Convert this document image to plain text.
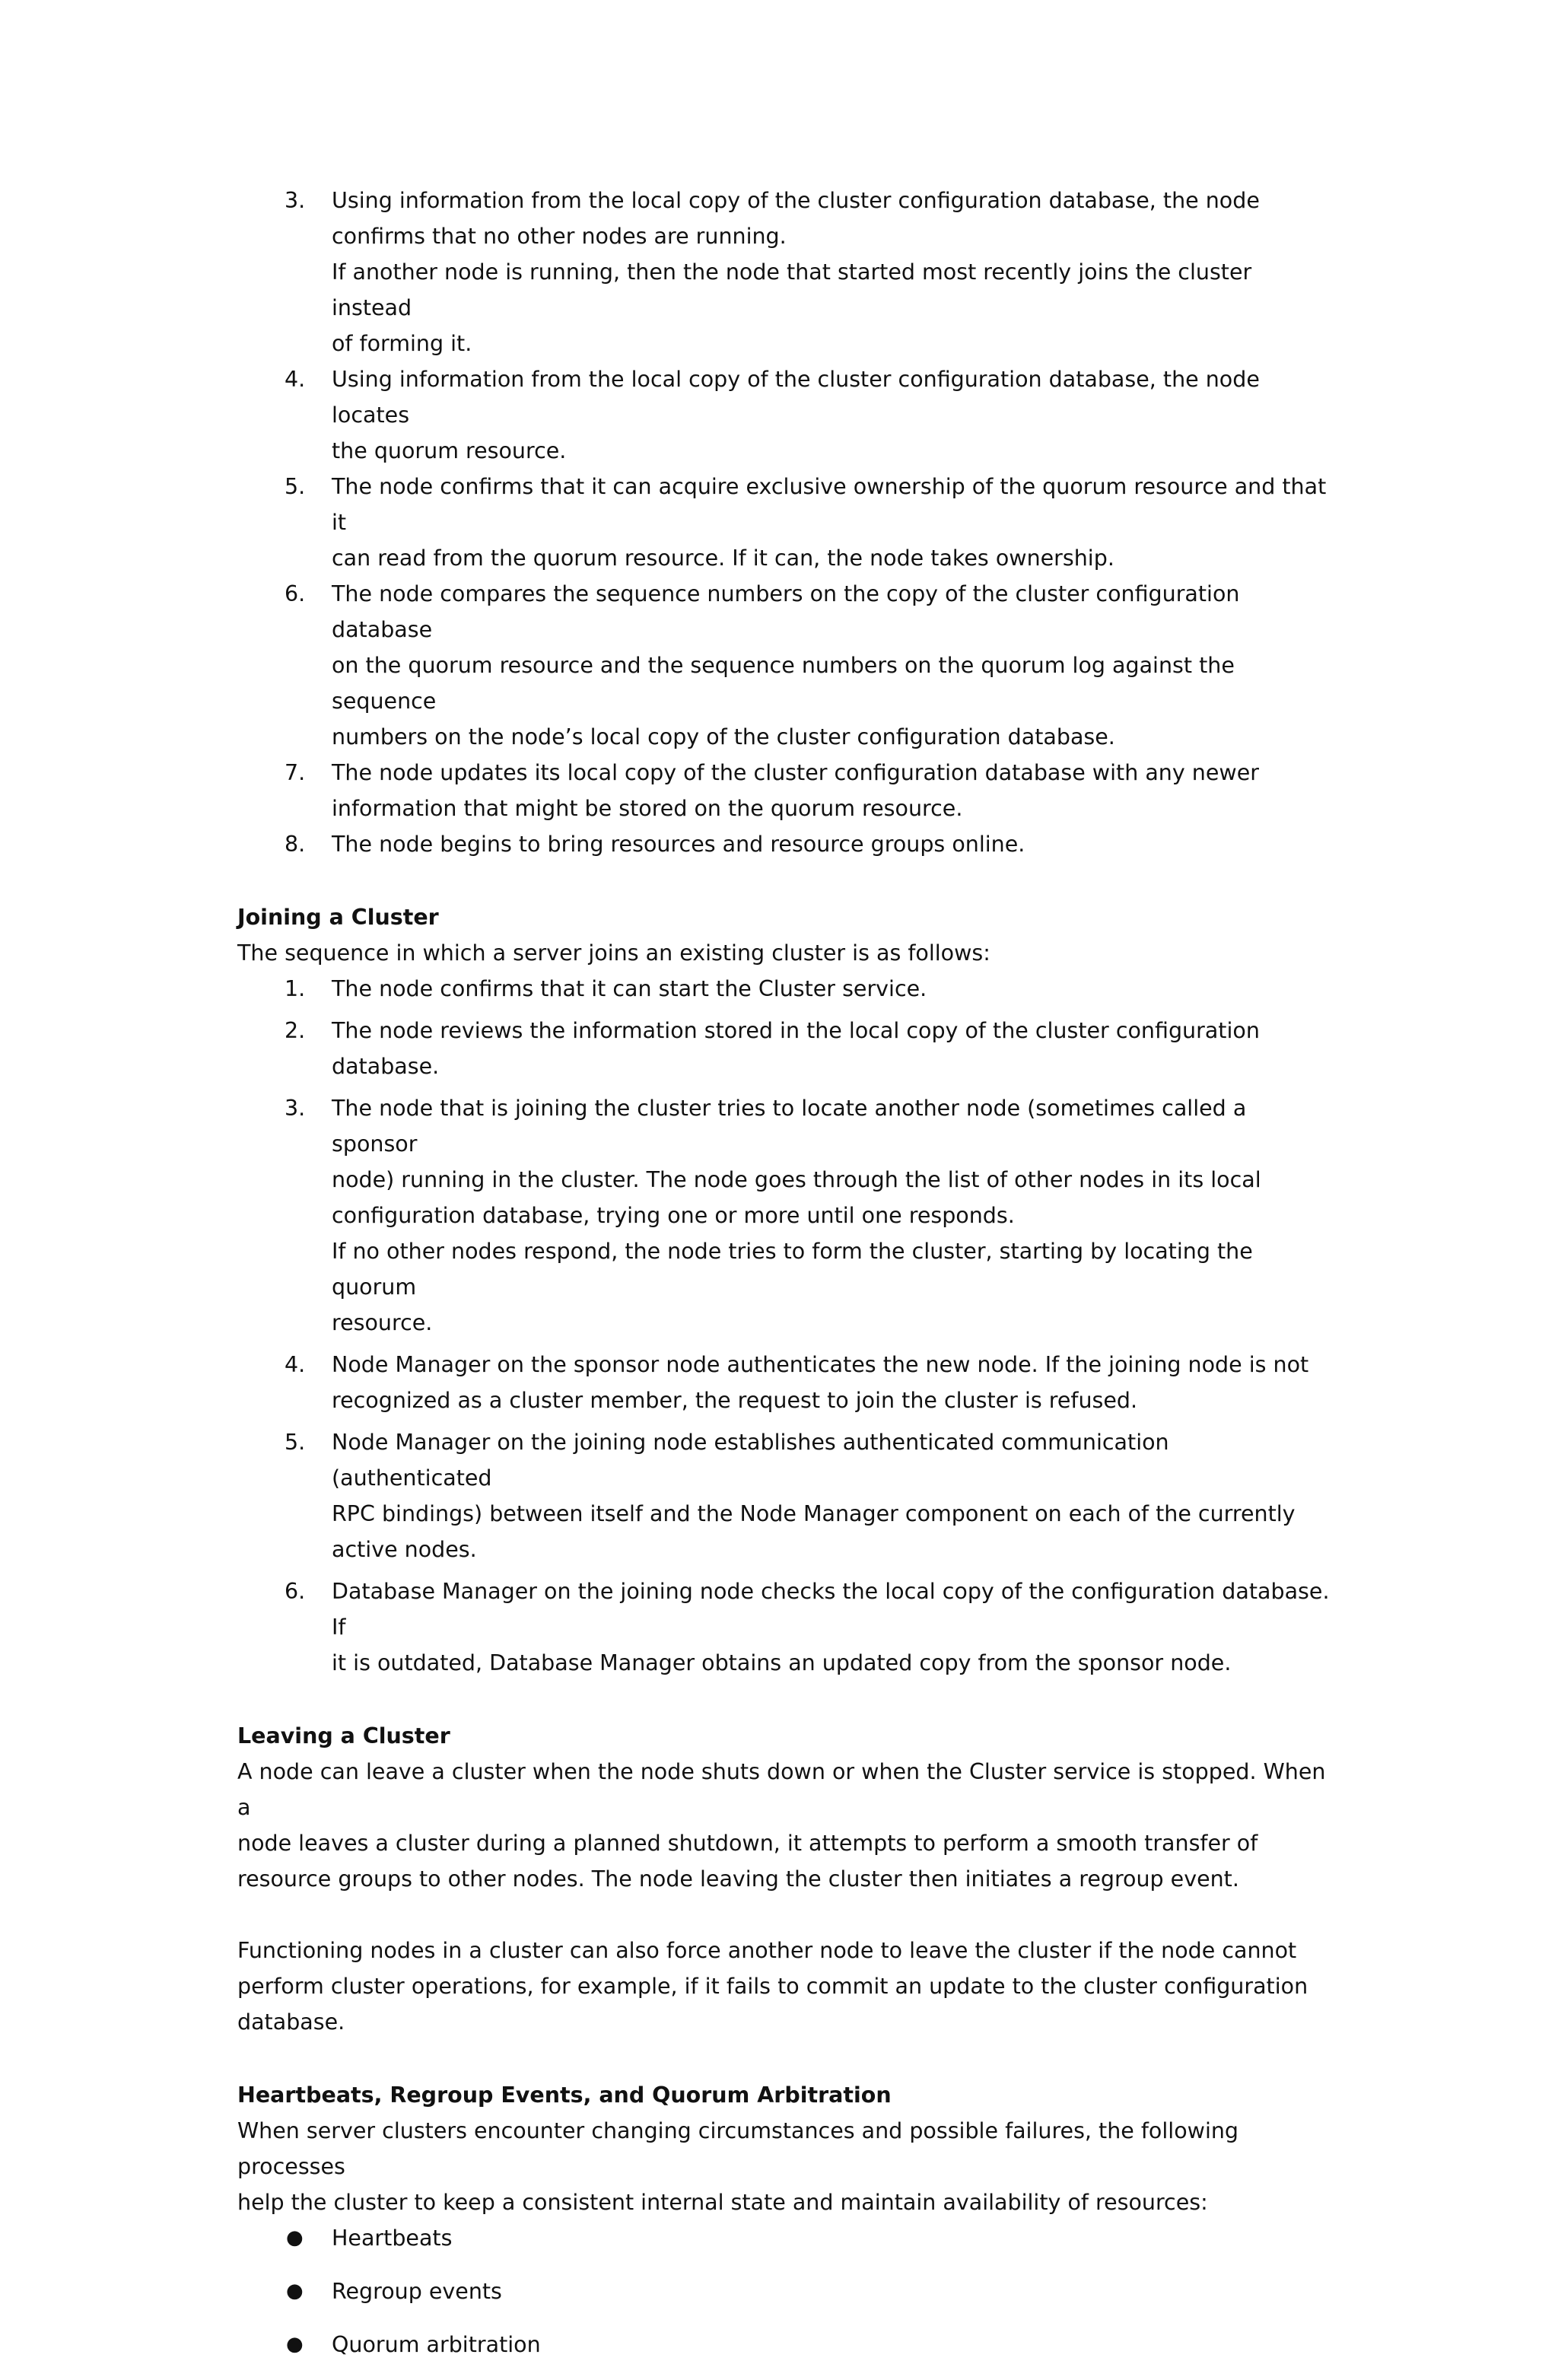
3. Using information from the local copy of the cluster configuration database, the node
confirms that no other nodes are running.
If another node is running, then the node that started most recently joins the cluster instead
of forming it.
4. Using information from the local copy of the cluster configuration database, the node locates
the quorum resource.
5. The node confirms that it can acquire exclusive ownership of the quorum resource and that it
can read from the quorum resource. If it can, the node takes ownership.
6. The node compares the sequence numbers on the copy of the cluster configuration database
on the quorum resource and the sequence numbers on the quorum log against the sequence
numbers on the node’s local copy of the cluster configuration database.
7. The node updates its local copy of the cluster configuration database with any newer
information that might be stored on the quorum resource.
8. The node begins to bring resources and resource groups online.
Joining a Cluster

The sequence in which a server joins an existing cluster is as follows:

1. The node confirms that it can start the Cluster service.
2. The node reviews the information stored in the local copy of the cluster configuration
database.
3. The node that is joining the cluster tries to locate another node (sometimes called a sponsor
node) running in the cluster. The node goes through the list of other nodes in its local
configuration database, trying one or more until one responds.
If no other nodes respond, the node tries to form the cluster, starting by locating the quorum
resource.
4. Node Manager on the sponsor node authenticates the new node. If the joining node is not
recognized as a cluster member, the request to join the cluster is refused.
5. Node Manager on the joining node establishes authenticated communication (authenticated
RPC bindings) between itself and the Node Manager component on each of the currently
active nodes.
6. Database Manager on the joining node checks the local copy of the configuration database. If
it is outdated, Database Manager obtains an updated copy from the sponsor node.
Leaving a Cluster

A node can leave a cluster when the node shuts down or when the Cluster service is stopped. When a
node leaves a cluster during a planned shutdown, it attempts to perform a smooth transfer of
resource groups to other nodes. The node leaving the cluster then initiates a regroup event.

Functioning nodes in a cluster can also force another node to leave the cluster if the node cannot
perform cluster operations, for example, if it fails to commit an update to the cluster configuration
database.

Heartbeats, Regroup Events, and Quorum Arbitration

When server clusters encounter changing circumstances and possible failures, the following processes
help the cluster to keep a consistent internal state and maintain availability of resources:

● Heartbeats
● Regroup events
● Quorum arbitration
